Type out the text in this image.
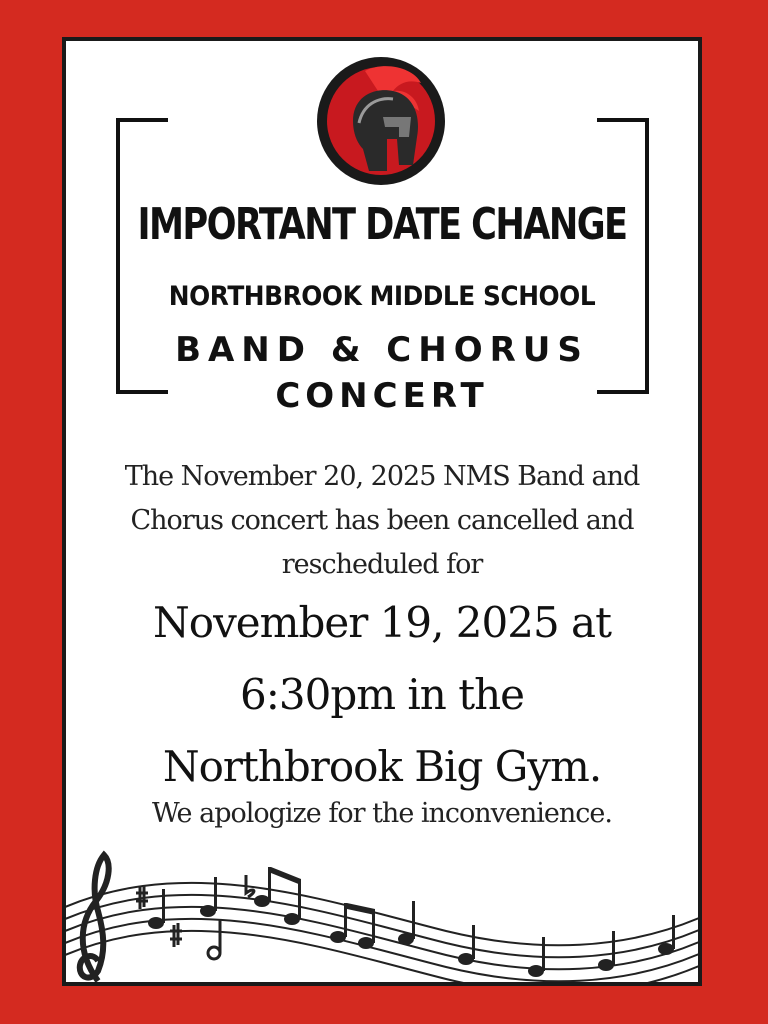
IMPORTANT DATE CHANGE
NORTHBROOK MIDDLE SCHOOL
BAND & CHORUS
CONCERT
The November 20, 2025 NMS Band and
Chorus concert has been cancelled and
rescheduled for
November 19, 2025 at
6:30pm in the
Northbrook Big Gym.
We apologize for the inconvenience.
